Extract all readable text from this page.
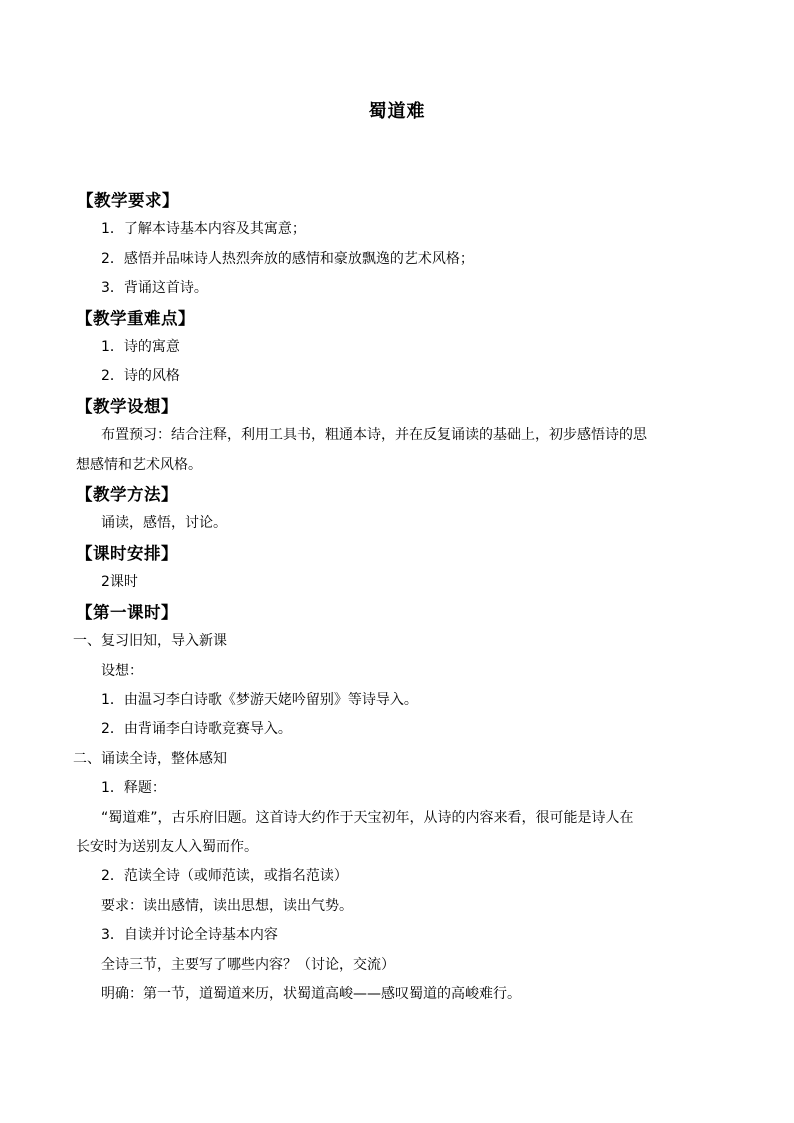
蜀道难
【教学要求】
1．了解本诗基本内容及其寓意；
2．感悟并品味诗人热烈奔放的感情和豪放飘逸的艺术风格；
3．背诵这首诗。
【教学重难点】
1．诗的寓意
2．诗的风格
【教学设想】
布置预习：结合注释，利用工具书，粗通本诗，并在反复诵读的基础上，初步感悟诗的思
想感情和艺术风格。
【教学方法】
诵读，感悟，讨论。
【课时安排】
2课时
【第一课时】
一、复习旧知，导入新课
设想：
1．由温习李白诗歌《梦游天姥吟留别》等诗导入。
2．由背诵李白诗歌竞赛导入。
二、诵读全诗，整体感知
1．释题：
“蜀道难”，古乐府旧题。这首诗大约作于天宝初年，从诗的内容来看，很可能是诗人在
长安时为送别友人入蜀而作。
2．范读全诗（或师范读，或指名范读）
要求：读出感情，读出思想，读出气势。
3．自读并讨论全诗基本内容
全诗三节，主要写了哪些内容？（讨论，交流）
明确：第一节，道蜀道来历，状蜀道高峻——感叹蜀道的高峻难行。
